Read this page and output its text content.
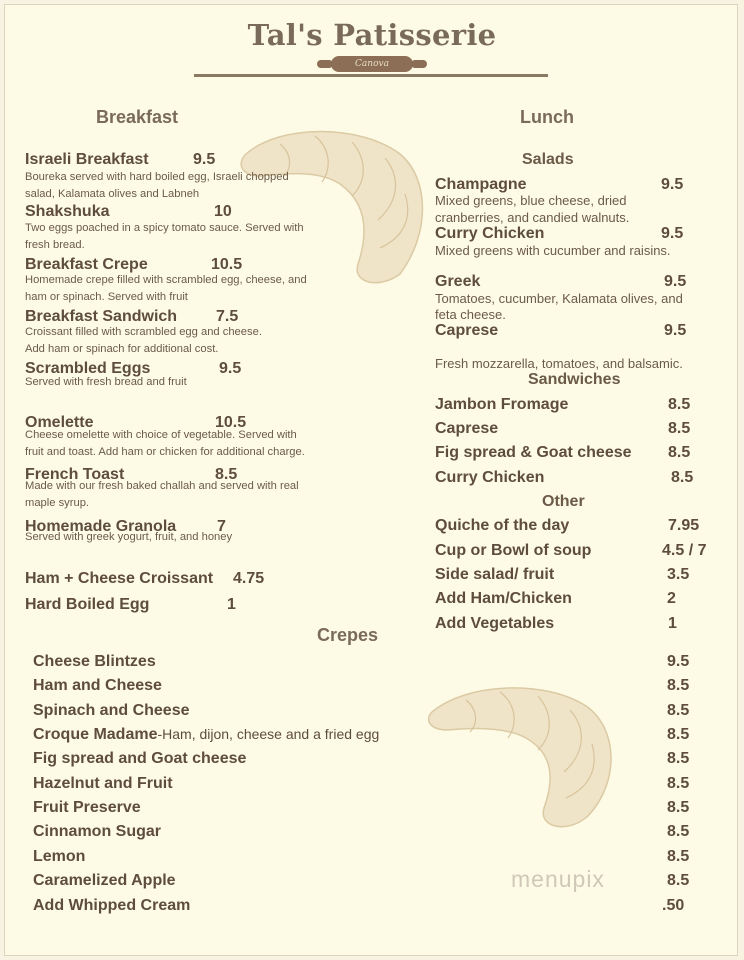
Tal's Patisserie
Canova
Breakfast
Israeli Breakfast	9.5
Boureka served with hard boiled egg, Israeli chopped
salad, Kalamata olives and Labneh
Shakshuka	10
Two eggs poached in a spicy tomato sauce. Served with
fresh bread.
Breakfast Crepe	10.5
Homemade crepe filled with scrambled egg, cheese, and
ham or spinach. Served with fruit
Breakfast Sandwich 7.5
Croissant filled with scrambled egg and cheese.
Add ham or spinach for additional cost.
Scrambled Eggs	9.5
Served with fresh bread and fruit
Omelette	10.5
Cheese omelette with choice of vegetable. Served with
fruit and toast. Add ham or chicken for additional charge.
French Toast	8.5
Made with our fresh baked challah and served with real
maple syrup.
Homemade Granola	7
Served with greek yogurt, fruit, and honey
Ham + Cheese Croissant 4.75
Hard Boiled Egg	1
Crepes
Cheese Blintzes	9.5
Ham and Cheese	8.5
Spinach and Cheese	8.5
Croque Madame-Ham, dijon, cheese and a fried egg	8.5
Fig spread and Goat cheese	8.5
Hazelnut and Fruit	8.5
Fruit Preserve	8.5
Cinnamon Sugar	8.5
Lemon	8.5
Caramelized Apple	8.5
Add Whipped Cream	.50
Lunch
Salads
Champagne	9.5
Mixed greens, blue cheese, dried
cranberries, and candied walnuts.
Curry Chicken	9.5
Mixed greens with cucumber and raisins.
Greek	9.5
Tomatoes, cucumber, Kalamata olives, and
feta cheese.
Caprese	9.5
Fresh mozzarella, tomatoes, and balsamic.
Sandwiches
Jambon Fromage	8.5
Caprese	8.5
Fig spread & Goat cheese 8.5
Curry Chicken	8.5
Other
Quiche of the day	7.95
Cup or Bowl of soup	4.5 / 7
Side salad/ fruit	3.5
Add Ham/Chicken	2
Add Vegetables	1
menupix
